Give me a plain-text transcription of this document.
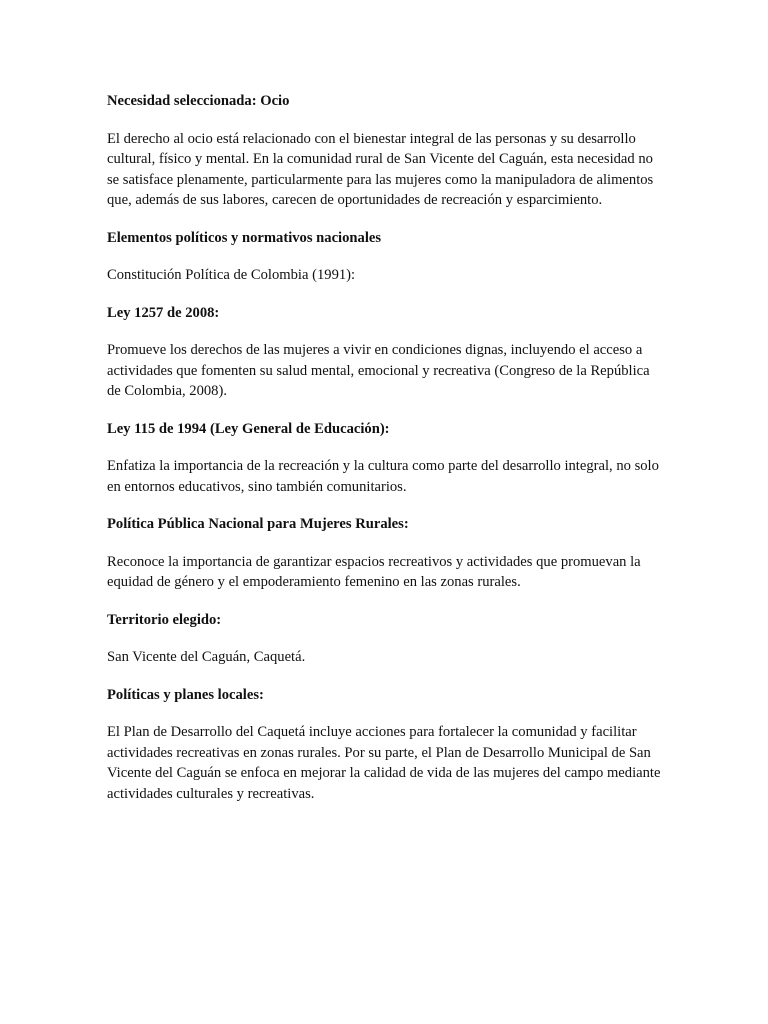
Necesidad seleccionada: Ocio

El derecho al ocio está relacionado con el bienestar integral de las personas y su desarrollo cultural, físico y mental. En la comunidad rural de San Vicente del Caguán, esta necesidad no se satisface plenamente, particularmente para las mujeres como la manipuladora de alimentos que, además de sus labores, carecen de oportunidades de recreación y esparcimiento.

Elementos políticos y normativos nacionales

Constitución Política de Colombia (1991):

Ley 1257 de 2008:

Promueve los derechos de las mujeres a vivir en condiciones dignas, incluyendo el acceso a actividades que fomenten su salud mental, emocional y recreativa (Congreso de la República de Colombia, 2008).

Ley 115 de 1994 (Ley General de Educación):

Enfatiza la importancia de la recreación y la cultura como parte del desarrollo integral, no solo en entornos educativos, sino también comunitarios.

Política Pública Nacional para Mujeres Rurales:

Reconoce la importancia de garantizar espacios recreativos y actividades que promuevan la equidad de género y el empoderamiento femenino en las zonas rurales.

Territorio elegido:

San Vicente del Caguán, Caquetá.

Políticas y planes locales:

El Plan de Desarrollo del Caquetá incluye acciones para fortalecer la comunidad y facilitar actividades recreativas en zonas rurales. Por su parte, el Plan de Desarrollo Municipal de San Vicente del Caguán se enfoca en mejorar la calidad de vida de las mujeres del campo mediante actividades culturales y recreativas.
